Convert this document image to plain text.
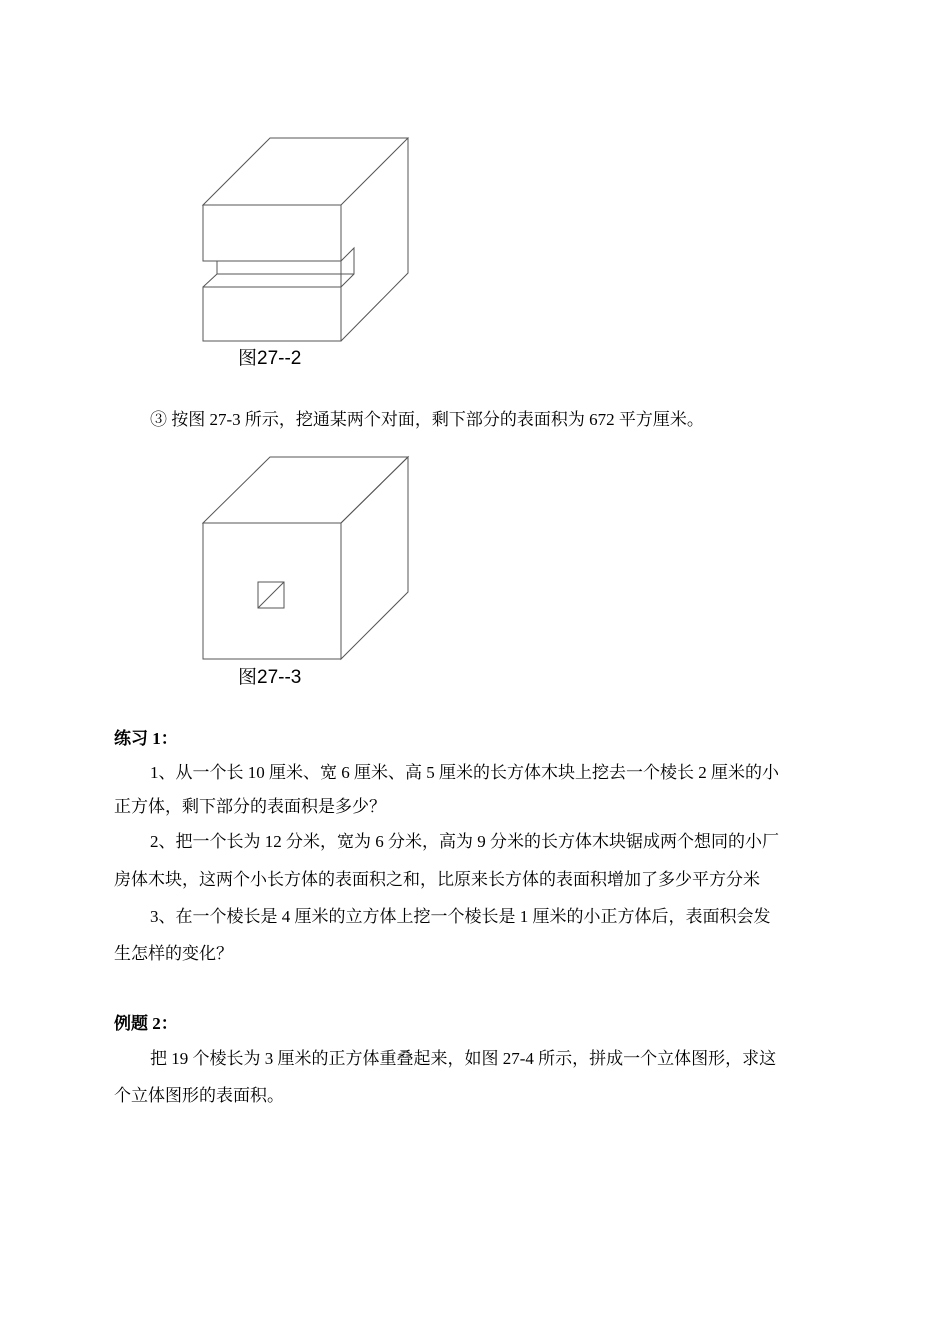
图27--2
③ 按图 27-3 所示，挖通某两个对面，剩下部分的表面积为 672 平方厘米。
图27--3
练习 1：
1、从一个长 10 厘米、宽 6 厘米、高 5 厘米的长方体木块上挖去一个棱长 2 厘米的小
正方体，剩下部分的表面积是多少？
2、把一个长为 12 分米，宽为 6 分米，高为 9 分米的长方体木块锯成两个想同的小厂
房体木块，这两个小长方体的表面积之和，比原来长方体的表面积增加了多少平方分米
3、在一个棱长是 4 厘米的立方体上挖一个棱长是 1 厘米的小正方体后，表面积会发
生怎样的变化？
例题 2：
把 19 个棱长为 3 厘米的正方体重叠起来，如图 27-4 所示，拼成一个立体图形，求这
个立体图形的表面积。
